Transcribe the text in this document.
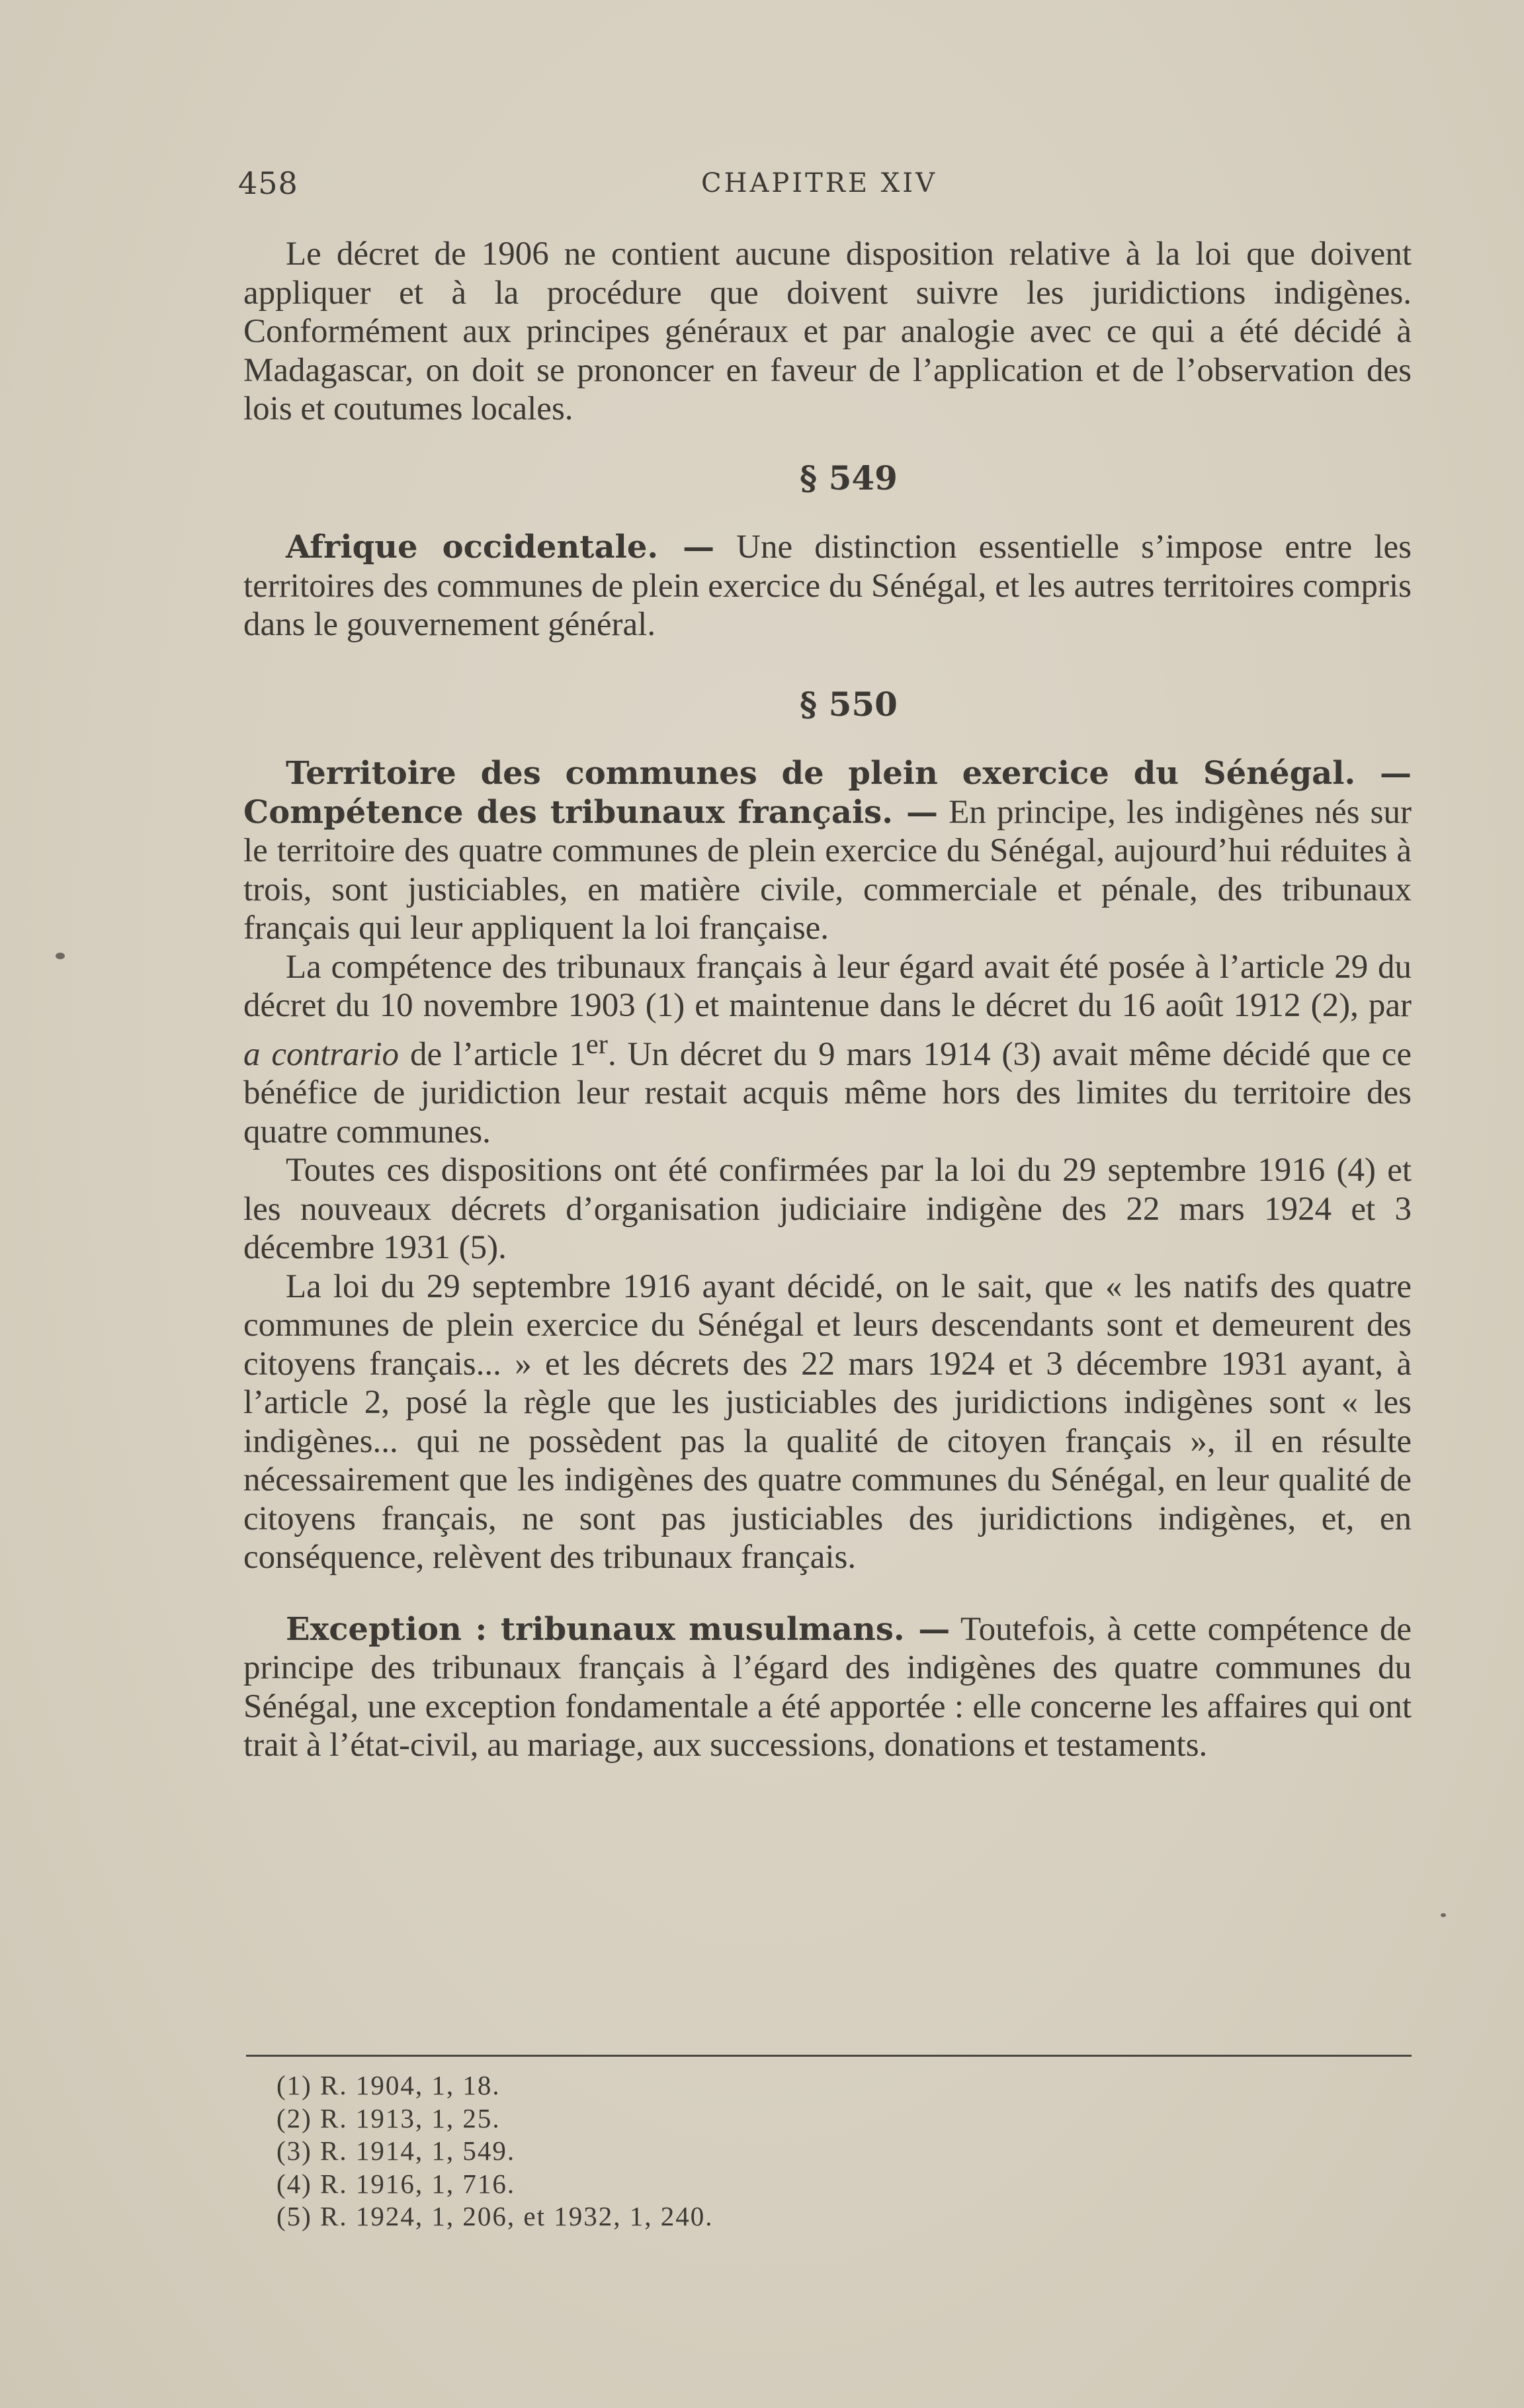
458	CHAPITRE XIV

Le décret de 1906 ne contient aucune disposition relative à la loi que doivent appliquer et à la procédure que doivent suivre les juridictions indigènes. Conformément aux principes généraux et par analogie avec ce qui a été décidé à Madagascar, on doit se prononcer en faveur de l’application et de l’observation des lois et coutumes locales.

§ 549

Afrique occidentale. — Une distinction essentielle s’impose entre les territoires des communes de plein exercice du Sénégal, et les autres territoires compris dans le gouvernement général.

§ 550

Territoire des communes de plein exercice du Sénégal. — Compétence des tribunaux français. — En principe, les indigènes nés sur le territoire des quatre communes de plein exercice du Sénégal, aujourd’hui réduites à trois, sont justiciables, en matière civile, commerciale et pénale, des tribunaux français qui leur appliquent la loi française.

La compétence des tribunaux français à leur égard avait été posée à l’article 29 du décret du 10 novembre 1903 (1) et maintenue dans le décret du 16 août 1912 (2), par a contrario de l’article 1er. Un décret du 9 mars 1914 (3) avait même décidé que ce bénéfice de juridiction leur restait acquis même hors des limites du territoire des quatre communes.

Toutes ces dispositions ont été confirmées par la loi du 29 septembre 1916 (4) et les nouveaux décrets d’organisation judiciaire indigène des 22 mars 1924 et 3 décembre 1931 (5).

La loi du 29 septembre 1916 ayant décidé, on le sait, que « les natifs des quatre communes de plein exercice du Sénégal et leurs descendants sont et demeurent des citoyens français... » et les décrets des 22 mars 1924 et 3 décembre 1931 ayant, à l’article 2, posé la règle que les justiciables des juridictions indigènes sont « les indigènes... qui ne possèdent pas la qualité de citoyen français », il en résulte nécessairement que les indigènes des quatre communes du Sénégal, en leur qualité de citoyens français, ne sont pas justiciables des juridictions indigènes, et, en conséquence, relèvent des tribunaux français.

Exception : tribunaux musulmans. — Toutefois, à cette compétence de principe des tribunaux français à l’égard des indigènes des quatre communes du Sénégal, une exception fondamentale a été apportée : elle concerne les affaires qui ont trait à l’état-civil, au mariage, aux successions, donations et testaments.

(1) R. 1904, 1, 18.
(2) R. 1913, 1, 25.
(3) R. 1914, 1, 549.
(4) R. 1916, 1, 716.
(5) R. 1924, 1, 206, et 1932, 1, 240.
